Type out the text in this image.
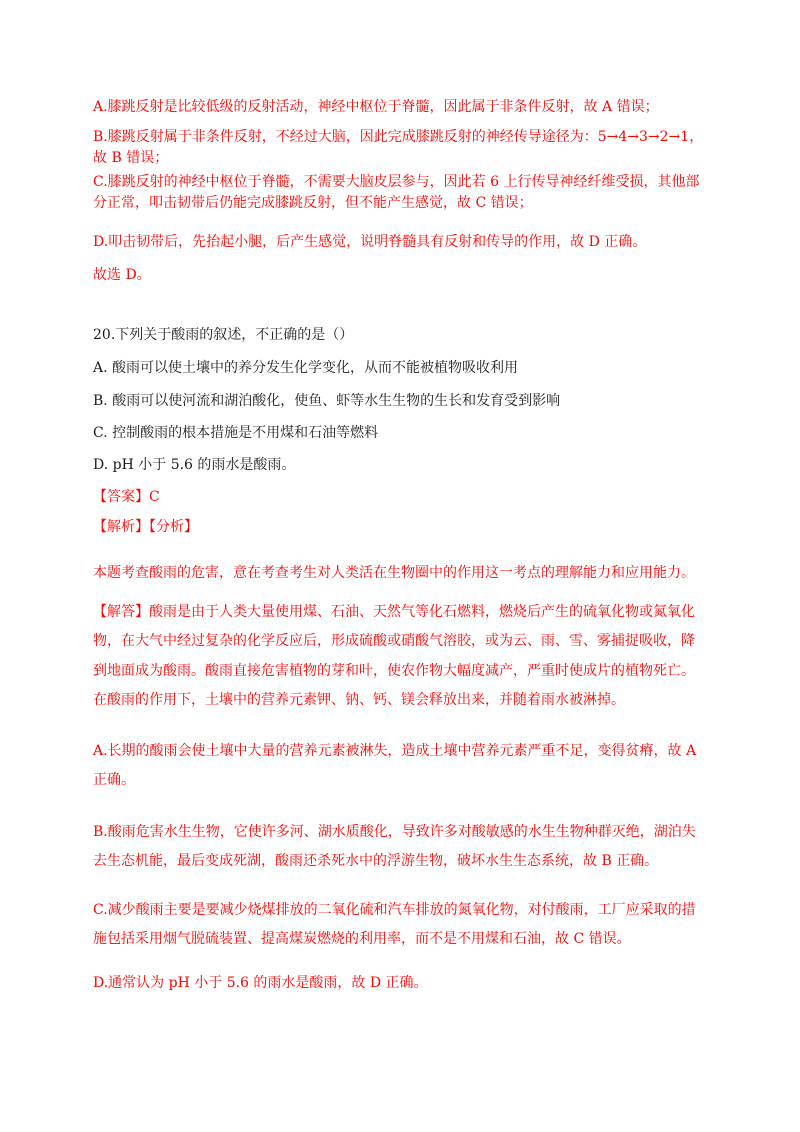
A.膝跳反射是比较低级的反射活动，神经中枢位于脊髓，因此属于非条件反射，故 A 错误；

B.膝跳反射属于非条件反射，不经过大脑，因此完成膝跳反射的神经传导途径为：5→4→3→2→1，故 B 错误；

C.膝跳反射的神经中枢位于脊髓，不需要大脑皮层参与，因此若 6 上行传导神经纤维受损，其他部分正常，叩击韧带后仍能完成膝跳反射，但不能产生感觉，故 C 错误；

D.叩击韧带后，先抬起小腿，后产生感觉，说明脊髓具有反射和传导的作用，故 D 正确。

故选 D。

20.下列关于酸雨的叙述，不正确的是（）

A. 酸雨可以使土壤中的养分发生化学变化，从而不能被植物吸收利用

B. 酸雨可以使河流和湖泊酸化，使鱼、虾等水生生物的生长和发育受到影响

C. 控制酸雨的根本措施是不用煤和石油等燃料

D. pH 小于 5.6 的雨水是酸雨。

【答案】C

【解析】【分析】

本题考查酸雨的危害，意在考查考生对人类活在生物圈中的作用这一考点的理解能力和应用能力。

【解答】酸雨是由于人类大量使用煤、石油、天然气等化石燃料，燃烧后产生的硫氧化物或氮氧化物，在大气中经过复杂的化学反应后，形成硫酸或硝酸气溶胶，或为云、雨、雪、雾捕捉吸收，降到地面成为酸雨。酸雨直接危害植物的芽和叶，使农作物大幅度减产，严重时使成片的植物死亡。在酸雨的作用下，土壤中的营养元素钾、钠、钙、镁会释放出来，并随着雨水被淋掉。

A.长期的酸雨会使土壤中大量的营养元素被淋失，造成土壤中营养元素严重不足，变得贫瘠，故 A 正确。

B.酸雨危害水生生物，它使许多河、湖水质酸化，导致许多对酸敏感的水生生物种群灭绝，湖泊失去生态机能，最后变成死湖，酸雨还杀死水中的浮游生物，破坏水生生态系统，故 B 正确。

C.减少酸雨主要是要减少烧煤排放的二氧化硫和汽车排放的氮氧化物，对付酸雨，工厂应采取的措施包括采用烟气脱硫装置、提高煤炭燃烧的利用率，而不是不用煤和石油，故 C 错误。

D.通常认为 pH 小于 5.6 的雨水是酸雨，故 D 正确。
